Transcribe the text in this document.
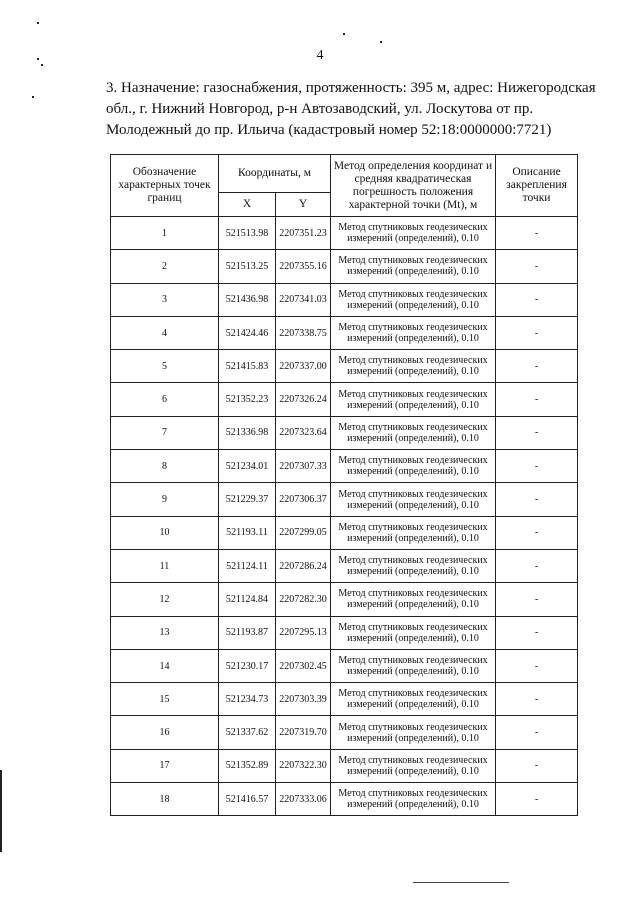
4
3. Назначение: газоснабжения, протяженность: 395 м, адрес: Нижегородская
обл., г. Нижний Новгород, р-н Автозаводский, ул. Лоскутова от пр.
Молодежный до пр. Ильича (кадастровый номер 52:18:0000000:7721)
Обозначение характерных точек границ	Координаты, м		Метод определения координат и средняя квадратическая погрешность положения характерной точки (Mt), м	Описание закрепления точки
	X	Y		
1	521513.98	2207351.23	Метод спутниковых геодезических измерений (определений), 0.10	-
2	521513.25	2207355.16	Метод спутниковых геодезических измерений (определений), 0.10	-
3	521436.98	2207341.03	Метод спутниковых геодезических измерений (определений), 0.10	-
4	521424.46	2207338.75	Метод спутниковых геодезических измерений (определений), 0.10	-
5	521415.83	2207337.00	Метод спутниковых геодезических измерений (определений), 0.10	-
6	521352.23	2207326.24	Метод спутниковых геодезических измерений (определений), 0.10	-
7	521336.98	2207323.64	Метод спутниковых геодезических измерений (определений), 0.10	-
8	521234.01	2207307.33	Метод спутниковых геодезических измерений (определений), 0.10	-
9	521229.37	2207306.37	Метод спутниковых геодезических измерений (определений), 0.10	-
10	521193.11	2207299.05	Метод спутниковых геодезических измерений (определений), 0.10	-
11	521124.11	2207286.24	Метод спутниковых геодезических измерений (определений), 0.10	-
12	521124.84	2207282.30	Метод спутниковых геодезических измерений (определений), 0.10	-
13	521193.87	2207295.13	Метод спутниковых геодезических измерений (определений), 0.10	-
14	521230.17	2207302.45	Метод спутниковых геодезических измерений (определений), 0.10	-
15	521234.73	2207303.39	Метод спутниковых геодезических измерений (определений), 0.10	-
16	521337.62	2207319.70	Метод спутниковых геодезических измерений (определений), 0.10	-
17	521352.89	2207322.30	Метод спутниковых геодезических измерений (определений), 0.10	-
18	521416.57	2207333.06	Метод спутниковых геодезических измерений (определений), 0.10	-
